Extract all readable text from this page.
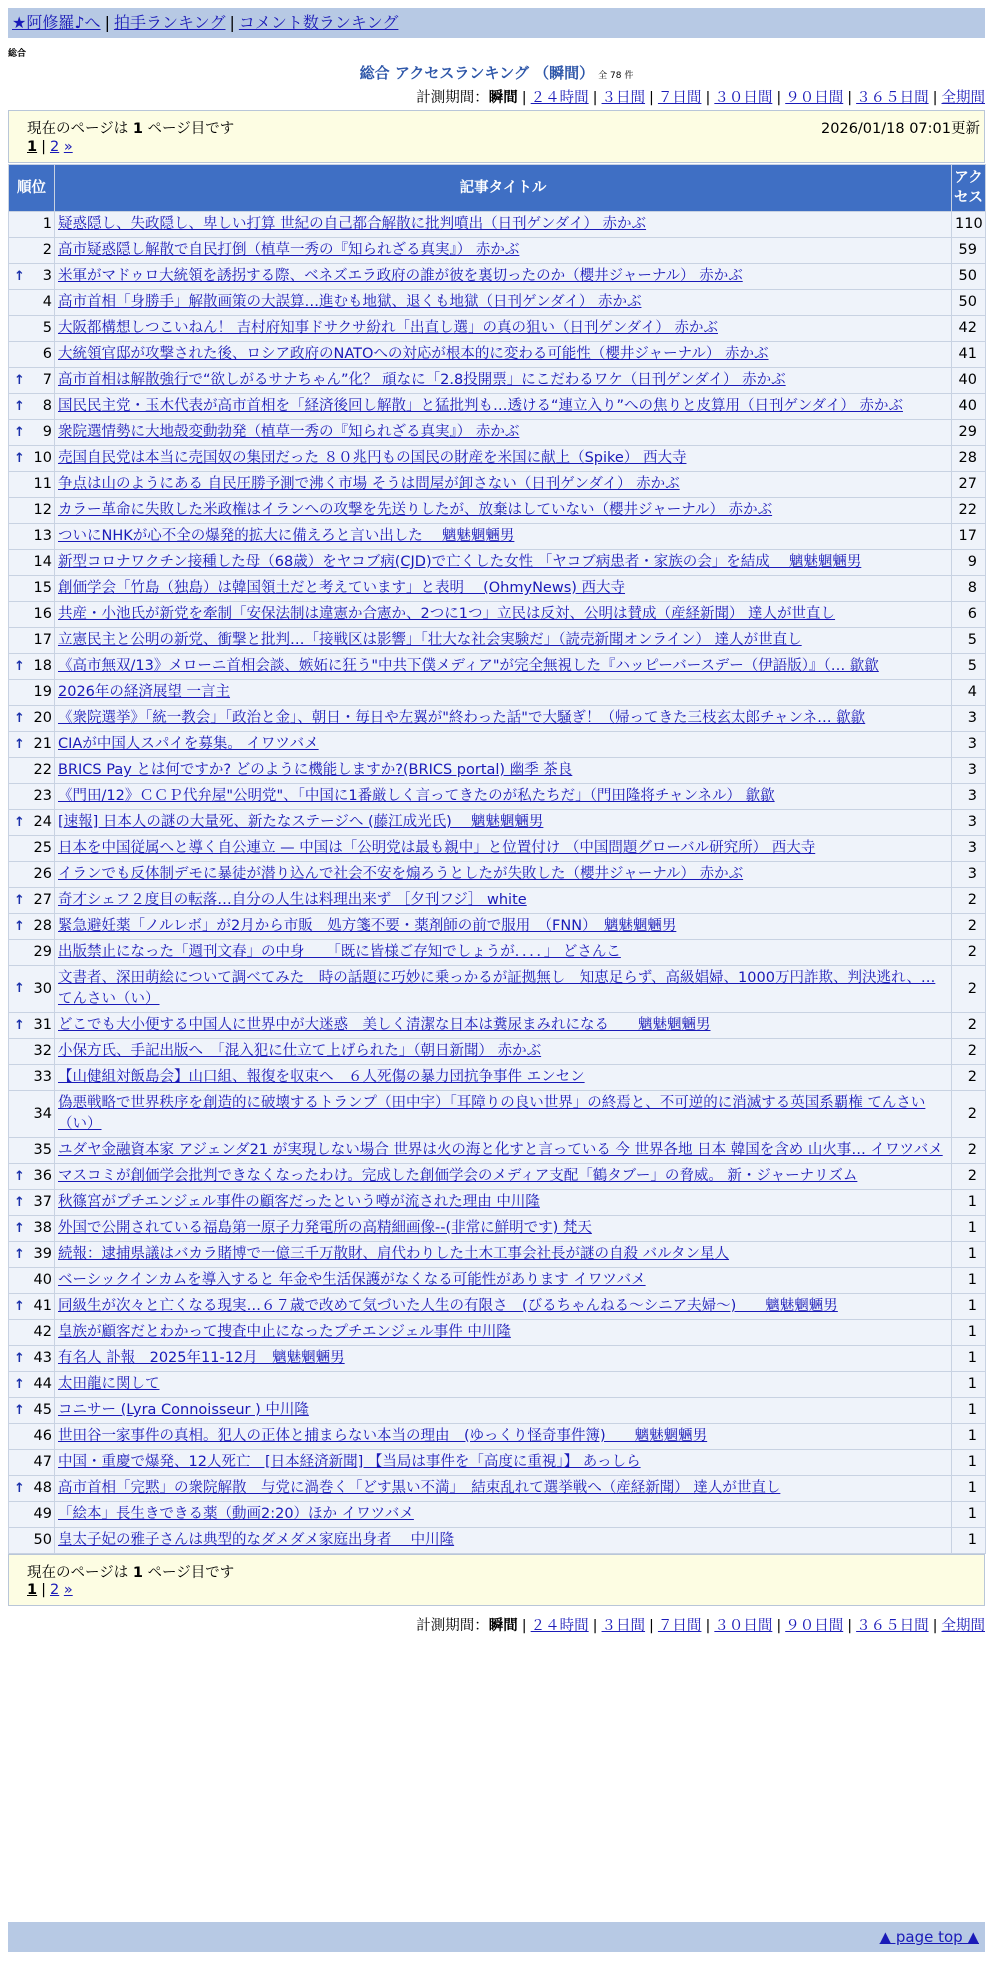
★阿修羅♪へ | 拍手ランキング | コメント数ランキング
総合
総合 アクセスランキング （瞬間） 全 78 件
計測期間：瞬間 | ２４時間 | ３日間 | ７日間 | ３０日間 | ９０日間 | ３６５日間 | 全期間
現在のページは 1 ページ目です	2026/01/18 07:01更新
1 | 2 »
順位	記事タイトル	アクセス
1	疑惑隠し、失政隠し、卑しい打算 世紀の自己都合解散に批判噴出（日刊ゲンダイ） 赤かぶ	110
2	高市疑惑隠し解散で自民打倒（植草一秀の『知られざる真実』） 赤かぶ	59

↑ 3	米軍がマドゥロ大統領を誘拐する際、ベネズエラ政府の誰が彼を裏切ったのか（櫻井ジャーナル） 赤かぶ	50
4	高市首相「身勝手」解散画策の大誤算…進むも地獄、退くも地獄（日刊ゲンダイ） 赤かぶ	50
5	大阪都構想しつこいねん！ 吉村府知事ドサクサ紛れ「出直し選」の真の狙い（日刊ゲンダイ） 赤かぶ	42
6	大統領官邸が攻撃された後、ロシア政府のNATOへの対応が根本的に変わる可能性（櫻井ジャーナル） 赤かぶ	41

↑ 7	高市首相は解散強行で“欲しがるサナちゃん”化？ 頑なに「2.8投開票」にこだわるワケ（日刊ゲンダイ） 赤かぶ	40

↑ 8	国民民主党・玉木代表が高市首相を「経済後回し解散」と猛批判も…透ける“連立入り”への焦りと皮算用（日刊ゲンダイ） 赤かぶ	40

↑ 9	衆院選情勢に大地殻変動勃発（植草一秀の『知られざる真実』） 赤かぶ	29

↑ 10	売国自民党は本当に売国奴の集団だった ８０兆円もの国民の財産を米国に献上（Spike） 西大寺	28
11	争点は山のようにある 自民圧勝予測で沸く市場 そうは問屋が卸さない（日刊ゲンダイ） 赤かぶ	27
12	カラー革命に失敗した米政権はイランへの攻撃を先送りしたが、放棄はしていない（櫻井ジャーナル） 赤かぶ	22
13	ついにNHKが心不全の爆発的拡大に備えろと言い出した　 魑魅魍魎男	17
14	新型コロナワクチン接種した母（68歳）をヤコブ病(CJD)で亡くした女性 「ヤコブ病患者・家族の会」を結成 　魑魅魍魎男	9
15	創価学会「竹島（独島）は韓国領土だと考えています」と表明 　(OhmyNews) 西大寺	8
16	共産・小池氏が新党を牽制「安保法制は違憲か合憲か、2つに1つ」立民は反対、公明は賛成（産経新聞） 達人が世直し	6
17	立憲民主と公明の新党、衝撃と批判…「接戦区は影響」「壮大な社会実験だ」（読売新聞オンライン） 達人が世直し	5

↑ 18	《高市無双/13》メローニ首相会談、嫉妬に狂う"中共下僕メディア"が完全無視した『ハッピーバースデー（伊語版）』（… 歙歙	5
19	2026年の経済展望 一言主	4

↑ 20	《衆院選挙》「統一教会」「政治と金」、朝日・毎日や左翼が"終わった話"で大騒ぎ！（帰ってきた三枝玄太郎チャンネ… 歙歙	3

↑ 21	CIAが中国人スパイを募集。 イワツバメ	3
22	BRICS Pay とは何ですか? どのように機能しますか?(BRICS portal) 幽季 茶良	3
23	《門田/12》ＣＣＰ代弁屋"公明党"、「中国に1番厳しく言ってきたのが私たちだ」（門田隆将チャンネル） 歙歙	3

↑ 24	[速報] 日本人の謎の大量死、新たなステージへ (藤江成光氏) 　魑魅魍魎男	3
25	日本を中国従属へと導く自公連立 — 中国は「公明党は最も親中」と位置付け （中国問題グローバル研究所） 西大寺	3
26	イランでも反体制デモに暴徒が潜り込んで社会不安を煽ろうとしたが失敗した（櫻井ジャーナル） 赤かぶ	3

↑ 27	奇才シェフ２度目の転落…自分の人生は料理出来ず ［夕刊フジ］ white	2

↑ 28	緊急避妊薬「ノルレボ」が2月から市販　処方箋不要・薬剤師の前で服用　（FNN）　魑魅魍魎男	2
29	出版禁止になった「週刊文春」の中身　　「既に皆様ご存知でしょうが．．．．」 どさんこ	2

↑ 30	文書者、深田萌絵について調べてみた　時の話題に巧妙に乗っかるが証拠無し　知恵足らず、高級娼婦、1000万円詐欺、判決逃れ、… てんさい（い）	2

↑ 31	どこでも大小便する中国人に世界中が大迷惑　美しく清潔な日本は糞尿まみれになる　　魑魅魍魎男	2
32	小保方氏、手記出版へ　「混入犯に仕立て上げられた」（朝日新聞） 赤かぶ	2
33	【山健組対飯島会】山口組、報復を収束へ　６人死傷の暴力団抗争事件 エンセン	2
34	偽悪戦略で世界秩序を創造的に破壊するトランプ（田中宇）「耳障りの良い世界」の終焉と、不可逆的に消滅する英国系覇権 てんさい（い）	2
35	ユダヤ金融資本家 アジェンダ21 が実現しない場合 世界は火の海と化すと言っている 今 世界各地 日本 韓国を含め 山火事… イワツバメ	2

↑ 36	マスコミが創価学会批判できなくなったわけ。完成した創価学会のメディア支配「鶴タブー」の脅威。 新・ジャーナリズム	2

↑ 37	秋篠宮がプチエンジェル事件の顧客だったという噂が流された理由 中川隆	1

↑ 38	外国で公開されている福島第一原子力発電所の高精細画像--(非常に鮮明です) 梵天	1

↑ 39	続報：逮捕県議はバカラ賭博で一億三千万散財、肩代わりした土木工事会社長が謎の自殺 バルタン星人	1
40	ベーシックインカムを導入すると 年金や生活保護がなくなる可能性があります イワツバメ	1

↑ 41	同級生が次々と亡くなる現実…６７歳で改めて気づいた人生の有限さ　(びるちゃんねる～シニア夫婦～)　　魑魅魍魎男	1
42	皇族が顧客だとわかって捜査中止になったプチエンジェル事件 中川隆	1

↑ 43	有名人 訃報　2025年11-12月　魑魅魍魎男	1

↑ 44	太田龍に関して	1

↑ 45	コニサー (Lyra Connoisseur ) 中川隆	1
46	世田谷一家事件の真相。犯人の正体と捕まらない本当の理由　(ゆっくり怪奇事件簿)　　魑魅魍魎男	1
47	中国・重慶で爆発、12人死亡　[日本経済新聞] 【当局は事件を「高度に重視」】 あっしら	1

↑ 48	高市首相「完黙」の衆院解散　与党に渦巻く「どす黒い不満」　結束乱れて選挙戦へ（産経新聞） 達人が世直し	1
49	「絵本」長生きできる薬（動画2:20）ほか イワツバメ	1
50	皇太子妃の雅子さんは典型的なダメダメ家庭出身者　 中川隆	1
現在のページは 1 ページ目です
1 | 2 »
計測期間：瞬間 | ２４時間 | ３日間 | ７日間 | ３０日間 | ９０日間 | ３６５日間 | 全期間
▲ page top ▲
